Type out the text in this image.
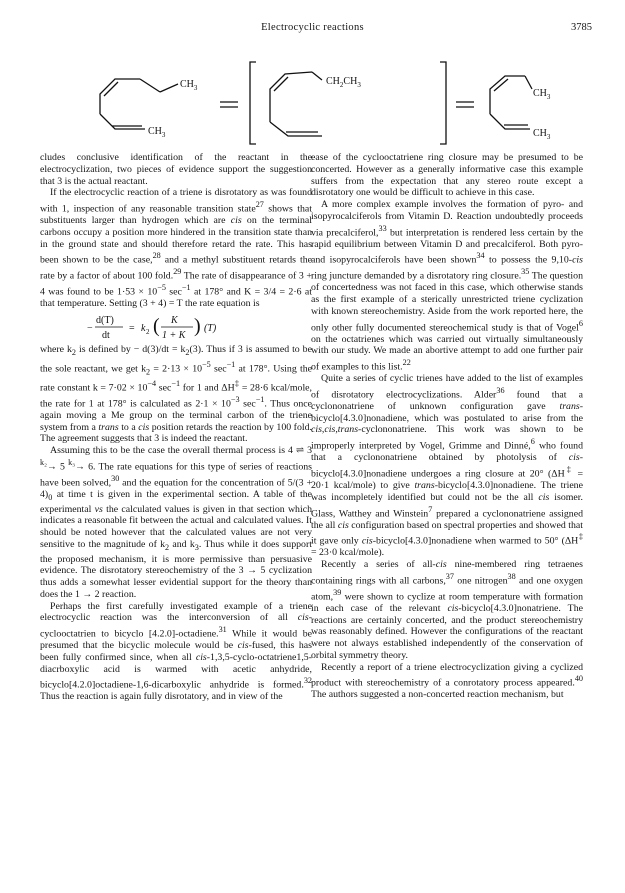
Electrocyclic reactions	3785
$CH_3$
$CH_3$
$CH_2CH_3$
$CH_3$
$CH_3$

cludes conclusive identification of the reactant in the electrocyclization, two pieces of evidence support the suggestion that 3 is the actual reactant.

If the electrocyclic reaction of a triene is disrotatory as was found with 1, inspection of any reasonable transition state$^{27}$ shows that substituents larger than hydrogen which are cis on the terminal carbons occupy a position more hindered in the transition state than in the ground state and should therefore retard the rate. This has been shown to be the case,$^{28}$ and a methyl substituent retards the rate by a factor of about 100 fold.$^{29}$ The rate of disappearance of 3 + 4 was found to be $1\cdot 53 \times 10^{-5}$ $\sec^{-1}$ at 178° and K = 3/4 = 2·6 at that temperature. Setting (3 + 4) = T the rate equation is

−
d(T)
dt
= k 2 ( K
1 + K ) (T)

where $k_2$ is defined by − $d(3)/dt = k_2(3)$. Thus if 3 is assumed to be the sole reactant, we get $k_2 = 2\cdot 13 \times 10^{-5}$ $\sec^{-1}$ at 178°. Using the rate constant $k = 7\cdot 02 \times 10^{-4}$ $\sec^{-1}$ for 1 and ΔH‡ = 28·6 kcal/mole, the rate for 1 at 178° is calculated as $2\cdot 1 \times 10^{-3}$ $\sec^{-1}$. Thus once again moving a Me group on the terminal carbon of the triene system from a trans to a cis position retards the reaction by 100 fold. The agreement suggests that 3 is indeed the reactant.

Assuming this to be the case the overall thermal process is 4 ⇌ 3 $^{k_2}$→ 5 $^{k_3}$→ 6. The rate equations for this type of series of reactions have been solved,$^{30}$ and the equation for the concentration of $5/(3 + 4)_0$ at time t is given in the experimental section. A table of the experimental vs the calculated values is given in that section which indicates a reasonable fit between the actual and calculated values. It should be noted however that the calculated values are not very sensitive to the magnitude of $k_2$ and $k_3$. Thus while it does support the proposed mechanism, it is more permissive than persuasive evidence. The disrotatory stereochemistry of the 3 → 5 cyclization thus adds a somewhat lesser evidential support for the theory than does the 1 → 2 reaction.

Perhaps the first carefully investigated example of a triene electrocyclic reaction was the interconversion of all cis-cyclooctatrien to bicyclo [4.2.0]-octadiene.$^{31}$ While it would be presumed that the bicyclic molecule would be cis-fused, this has been fully confirmed since, when all cis-1,3,5-cyclo-octatriene1,5-diacrboxylic acid is warmed with acetic anhydride, bicyclo[4.2.0]octadiene-1,6-dicarboxylic anhydride is formed.$^{32}$ Thus the reaction is again fully disrotatory, and in view of the

ease of the cyclooctatriene ring closure may be presumed to be concerted. However as a generally informative case this example suffers from the expectation that any stereo route except a disrotatory one would be difficult to achieve in this case.

A more complex example involves the formation of pyro- and isopyrocalciferols from Vitamin D. Reaction undoubtedly proceeds via precalciferol,$^{33}$ but interpretation is rendered less certain by the rapid equilibrium between Vitamin D and precalciferol. Both pyro- and isopyrocalciferols have been shown$^{34}$ to possess the 9,10-cis ring juncture demanded by a disrotatory ring closure.$^{35}$ The question of concertedness was not faced in this case, which otherwise stands as the first example of a sterically unrestricted triene cyclization with known stereochemistry. Aside from the work reported here, the only other fully documented stereochemical study is that of Vogel$^6$ on the octatrienes which was carried out virtually simultaneously with our study. We made an abortive attempt to add one further pair of examples to this list.$^{22}$

Quite a series of cyclic trienes have added to the list of examples of disrotatory electrocyclizations. Alder$^{36}$ found that a cyclononatriene of unknown configuration gave trans-bicyclo[4.3.0]nonadiene, which was postulated to arise from the cis,cis,trans-cyclononatriene. This work was shown to be improperly interpreted by Vogel, Grimme and Dinné,$^6$ who found that a cyclononatriene obtained by photolysis of cis-bicyclo[4.3.0]nonadiene undergoes a ring closure at 20° (ΔH‡ = 20·1 kcal/mole) to give trans-bicyclo[4.3.0]nonadiene. The triene was incompletely identified but could not be the all cis isomer. Glass, Watthey and Winstein$^7$ prepared a cyclononatriene assigned the all cis configuration based on spectral properties and showed that it gave only cis-bicyclo[4.3.0]nonadiene when warmed to 50° (ΔH‡ = 23·0 kcal/mole).

Recently a series of all-cis nine-membered ring tetraenes containing rings with all carbons,$^{37}$ one nitrogen$^{38}$ and one oxygen atom,$^{39}$ were shown to cyclize at room temperature with formation in each case of the relevant cis-bicyclo[4.3.0]nonatriene. The reactions are certainly concerted, and the product stereochemistry was reasonably defined. However the configurations of the reactant were not always established independently of the conservation of orbital symmetry theory.

Recently a report of a triene electrocyclization giving a cyclized product with stereochemistry of a conrotatory process appeared.$^{40}$ The authors suggested a non-concerted reaction mechanism, but
